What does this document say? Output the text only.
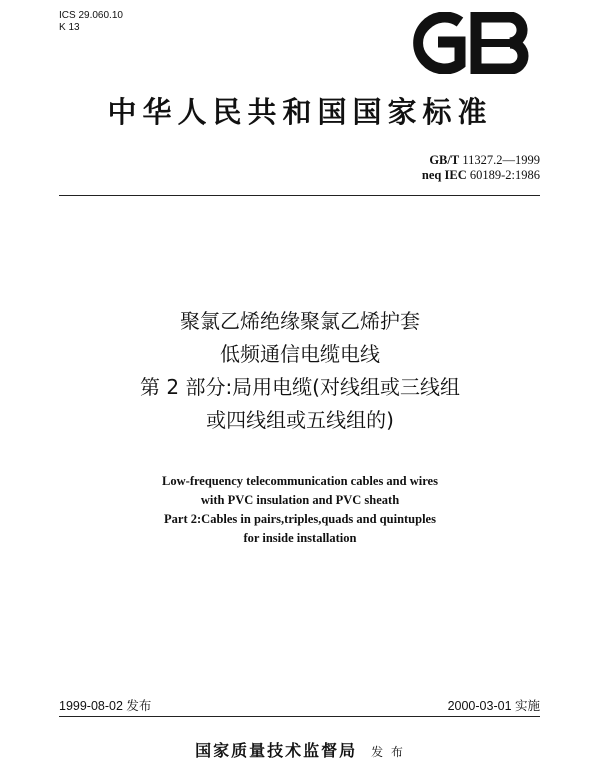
ICS 29.060.10
K 13
中华人民共和国国家标准
GB/T 11327.2—1999
neq IEC 60189-2:1986
聚氯乙烯绝缘聚氯乙烯护套
低频通信电缆电线
第 2 部分:局用电缆(对线组或三线组
或四线组或五线组的)
Low-frequency telecommunication cables and wires
with PVC insulation and PVC sheath
Part 2:Cables in pairs,triples,quads and quintuples
for inside installation
1999-08-02 发布	2000-03-01 实施
国家质量技术监督局 发 布
